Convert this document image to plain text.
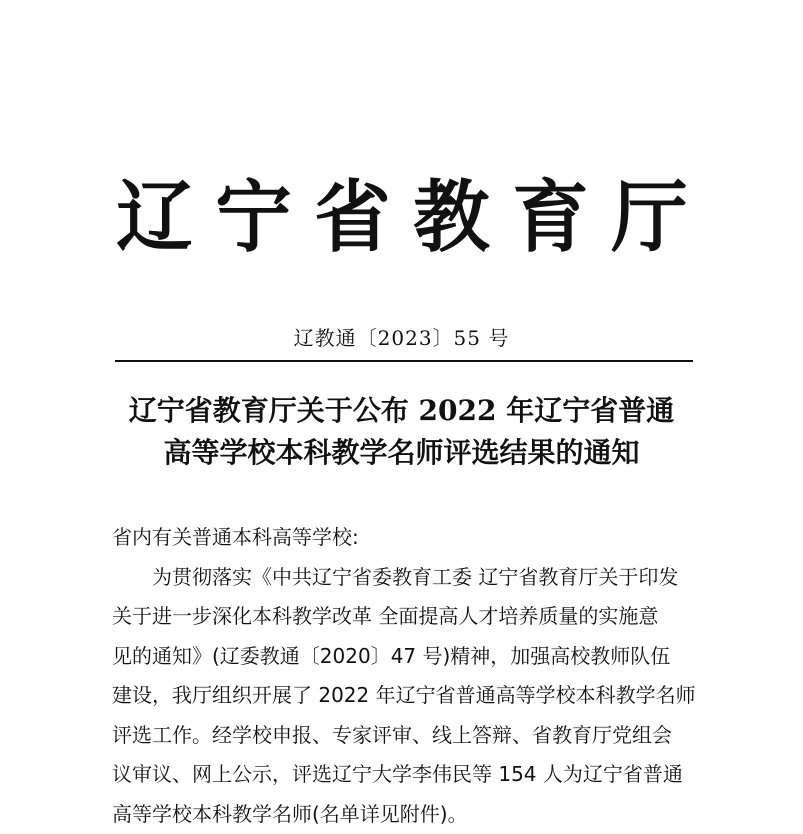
辽 宁 省 教 育 厅
辽教通〔2023〕55 号
辽宁省教育厅关于公布 2022 年辽宁省普通
高等学校本科教学名师评选结果的通知
省内有关普通本科高等学校:
　　为贯彻落实《中共辽宁省委教育工委 辽宁省教育厅关于印发
关于进一步深化本科教学改革 全面提高人才培养质量的实施意
见的通知》(辽委教通〔2020〕47 号)精神，加强高校教师队伍
建设，我厅组织开展了 2022 年辽宁省普通高等学校本科教学名师
评选工作。经学校申报、专家评审、线上答辩、省教育厅党组会
议审议、网上公示，评选辽宁大学李伟民等 154 人为辽宁省普通
高等学校本科教学名师(名单详见附件)。
